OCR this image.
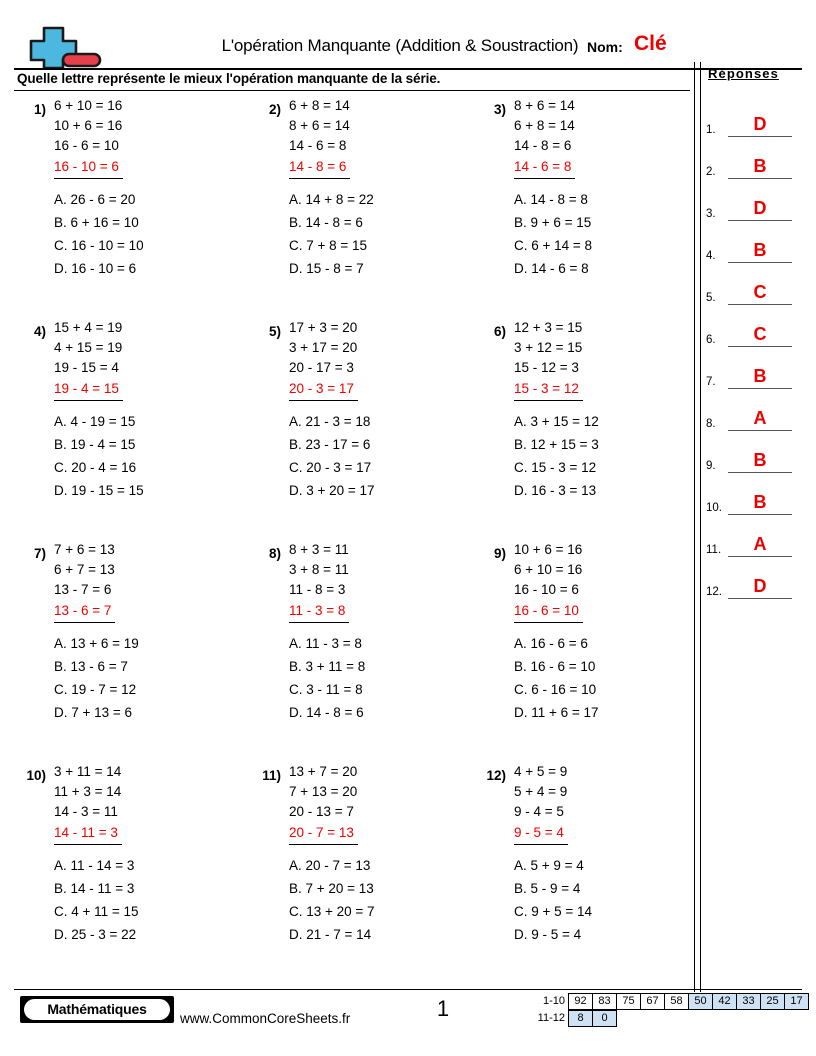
L'opération Manquante (Addition & Soustraction) Nom: Clé
Quelle lettre représente le mieux l'opération manquante de la série.	Réponses
1.	D
2.	B
3.	D
4.	B
5.	C
6.	C
7.	B
8.	A
9.	B
10.	B
11.	A
12.	D
1) 6 + 10 = 16
10 + 6 = 16
16 - 6 = 10
16 - 10 = 6
A. 26 - 6 = 20
B. 6 + 16 = 10
C. 16 - 10 = 10
D. 16 - 10 = 6
2) 6 + 8 = 14
8 + 6 = 14
14 - 6 = 8
14 - 8 = 6
A. 14 + 8 = 22
B. 14 - 8 = 6
C. 7 + 8 = 15
D. 15 - 8 = 7
3) 8 + 6 = 14
6 + 8 = 14
14 - 8 = 6
14 - 6 = 8
A. 14 - 8 = 8
B. 9 + 6 = 15
C. 6 + 14 = 8
D. 14 - 6 = 8
4) 15 + 4 = 19
4 + 15 = 19
19 - 15 = 4
19 - 4 = 15
A. 4 - 19 = 15
B. 19 - 4 = 15
C. 20 - 4 = 16
D. 19 - 15 = 15
5) 17 + 3 = 20
3 + 17 = 20
20 - 17 = 3
20 - 3 = 17
A. 21 - 3 = 18
B. 23 - 17 = 6
C. 20 - 3 = 17
D. 3 + 20 = 17
6) 12 + 3 = 15
3 + 12 = 15
15 - 12 = 3
15 - 3 = 12
A. 3 + 15 = 12
B. 12 + 15 = 3
C. 15 - 3 = 12
D. 16 - 3 = 13
7) 7 + 6 = 13
6 + 7 = 13
13 - 7 = 6
13 - 6 = 7
A. 13 + 6 = 19
B. 13 - 6 = 7
C. 19 - 7 = 12
D. 7 + 13 = 6
8) 8 + 3 = 11
3 + 8 = 11
11 - 8 = 3
11 - 3 = 8
A. 11 - 3 = 8
B. 3 + 11 = 8
C. 3 - 11 = 8
D. 14 - 8 = 6
9) 10 + 6 = 16
6 + 10 = 16
16 - 10 = 6
16 - 6 = 10
A. 16 - 6 = 6
B. 16 - 6 = 10
C. 6 - 16 = 10
D. 11 + 6 = 17
10) 3 + 11 = 14
11 + 3 = 14
14 - 3 = 11
14 - 11 = 3
A. 11 - 14 = 3
B. 14 - 11 = 3
C. 4 + 11 = 15
D. 25 - 3 = 22
11) 13 + 7 = 20
7 + 13 = 20
20 - 13 = 7
20 - 7 = 13
A. 20 - 7 = 13
B. 7 + 20 = 13
C. 13 + 20 = 7
D. 21 - 7 = 14
12) 4 + 5 = 9
5 + 4 = 9
9 - 4 = 5
9 - 5 = 4
A. 5 + 9 = 4
B. 5 - 9 = 4
C. 9 + 5 = 14
D. 9 - 5 = 4
Mathématiques
www.CommonCoreSheets.fr	1	1-10 92 83 75 67 58 50 42 33 25 17
11-12 8 0
